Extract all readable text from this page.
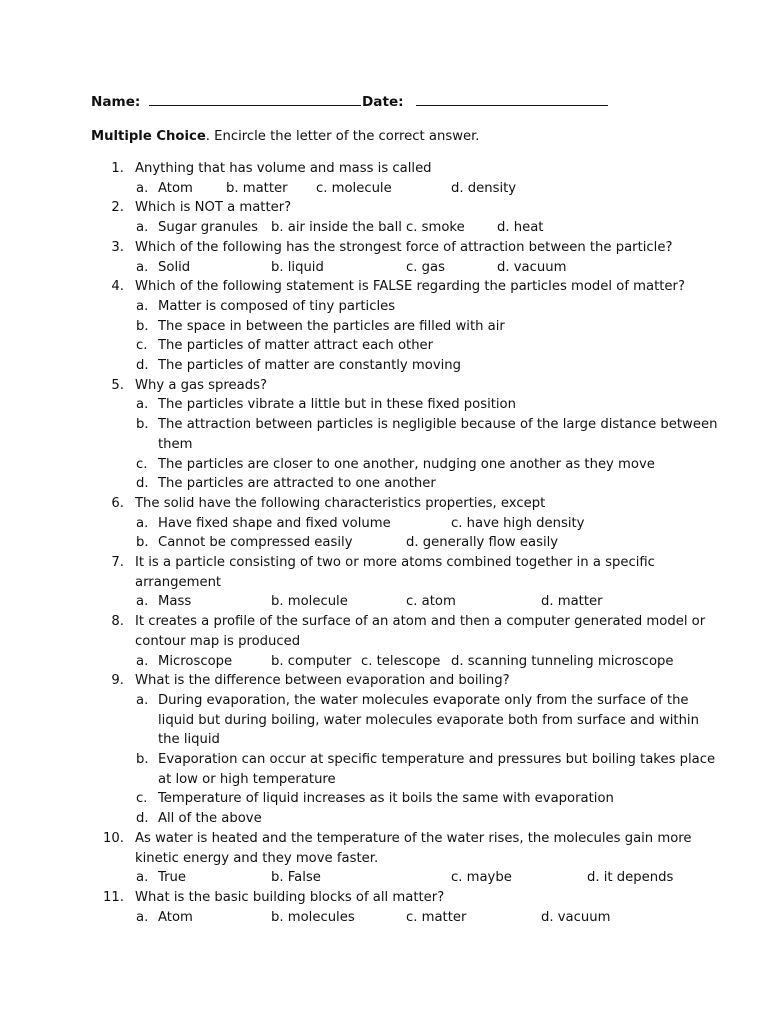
Name:	Date:
Multiple Choice. Encircle the letter of the correct answer.
1. Anything that has volume and mass is called
a. Atom	b. matter c. molecule	d. density
2. Which is NOT a matter?
a. Sugar granules b. air inside the ball c. smoke d. heat
3. Which of the following has the strongest force of attraction between the particle?
a. Solid	b. liquid	c. gas	d. vacuum
4. Which of the following statement is FALSE regarding the particles model of matter?
a. Matter is composed of tiny particles
b. The space in between the particles are filled with air
c. The particles of matter attract each other
d. The particles of matter are constantly moving
5. Why a gas spreads?
a. The particles vibrate a little but in these fixed position
b. The attraction between particles is negligible because of the large distance between
them
c. The particles are closer to one another, nudging one another as they move
d. The particles are attracted to one another
6. The solid have the following characteristics properties, except
a. Have fixed shape and fixed volume	c. have high density
b. Cannot be compressed easily	d. generally flow easily
7. It is a particle consisting of two or more atoms combined together in a specific
arrangement
a. Mass	b. molecule	c. atom	d. matter
8. It creates a profile of the surface of an atom and then a computer generated model or
contour map is produced
a. Microscope	b. computer c. telescope d. scanning tunneling microscope
9. What is the difference between evaporation and boiling?
a. During evaporation, the water molecules evaporate only from the surface of the
liquid but during boiling, water molecules evaporate both from surface and within
the liquid
b. Evaporation can occur at specific temperature and pressures but boiling takes place
at low or high temperature
c. Temperature of liquid increases as it boils the same with evaporation
d. All of the above
10. As water is heated and the temperature of the water rises, the molecules gain more
kinetic energy and they move faster.
a. True	b. False	c. maybe	d. it depends
11. What is the basic building blocks of all matter?
a. Atom	b. molecules	c. matter	d. vacuum
